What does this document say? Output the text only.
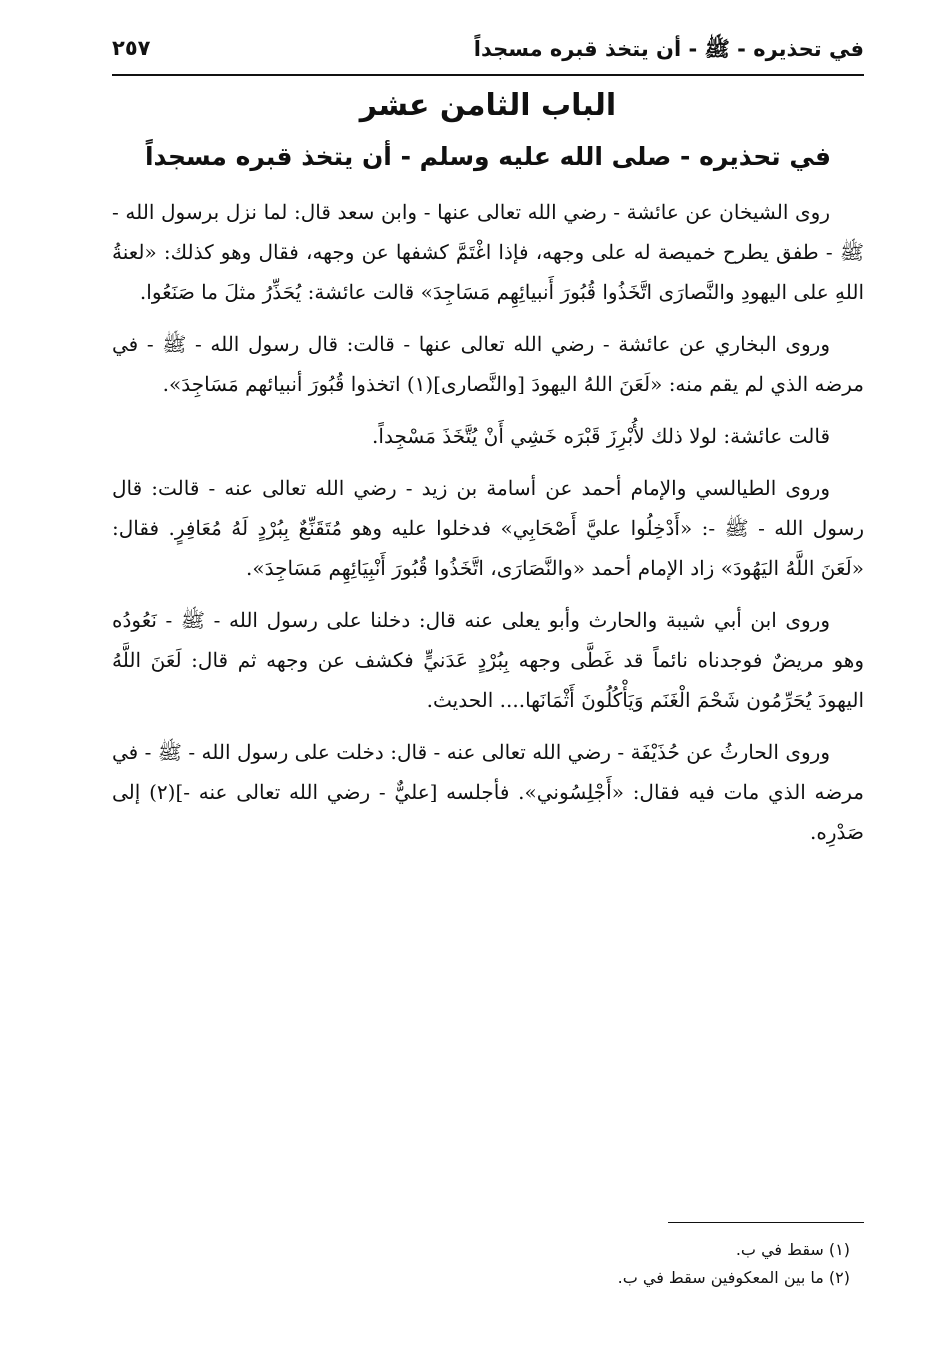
في تحذيره - ﷺ - أن يتخذ قبره مسجداً
٢٥٧
الباب الثامن عشر
في تحذيره - صلى الله عليه وسلم - أن يتخذ قبره مسجداً

روى الشيخان عن عائشة - رضي الله تعالى عنها - وابن سعد قال: لما نزل برسول الله - ﷺ - طفق يطرح خميصة له على وجهه، فإذا اغْتَمَّ كشفها عن وجهه، فقال وهو كذلك: «لعنةُ اللهِ على اليهودِ والنَّصارَى اتَّخَذُوا قُبُورَ أَنبيائِهِم مَسَاجِدَ» قالت عائشة: يُحَذِّرُ مثلَ ما صَنَعُوا.

وروى البخاري عن عائشة - رضي الله تعالى عنها - قالت: قال رسول الله - ﷺ - في مرضه الذي لم يقم منه: «لَعَنَ اللهُ اليهودَ [والنَّصارى](١) اتخذوا قُبُورَ أنبيائهم مَسَاجِدَ».

قالت عائشة: لولا ذلك لأُبْرِزَ قَبْرَه خَشِي أَنْ يُتَّخَذَ مَسْجِداً.

وروى الطيالسي والإمام أحمد عن أسامة بن زيد - رضي الله تعالى عنه - قالت: قال رسول الله - ﷺ -: «أَدْخِلُوا عليَّ أَصْحَابِي» فدخلوا عليه وهو مُتَقَنِّعٌ بِبُرْدٍ لَهُ مُعَافِرٍ. فقال: «لَعَنَ اللَّهُ اليَهُودَ» زاد الإمام أحمد «والنَّصَارَى، اتَّخَذُوا قُبُورَ أَنْبِيَائِهِم مَسَاجِدَ».

وروى ابن أبي شيبة والحارث وأبو يعلى عنه قال: دخلنا على رسول الله - ﷺ - نَعُودُه وهو مريضٌ فوجدناه نائماً قد غَطَّى وجهه بِبُرْدٍ عَدَنيٍّ فكشف عن وجهه ثم قال: لَعَنَ اللَّهُ اليهودَ يُحَرِّمُون شَحْمَ الْغَنَم وَيَأْكُلُونَ أَثْمَانَها.... الحديث.

وروى الحارثُ عن حُذَيْفَة - رضي الله تعالى عنه - قال: دخلت على رسول الله - ﷺ - في مرضه الذي مات فيه فقال: «أَجْلِسُوني». فأجلسه [عليٌّ - رضي الله تعالى عنه -](٢) إلى صَدْرِه.

(١) سقط في ب.

(٢) ما بين المعكوفين سقط في ب.
